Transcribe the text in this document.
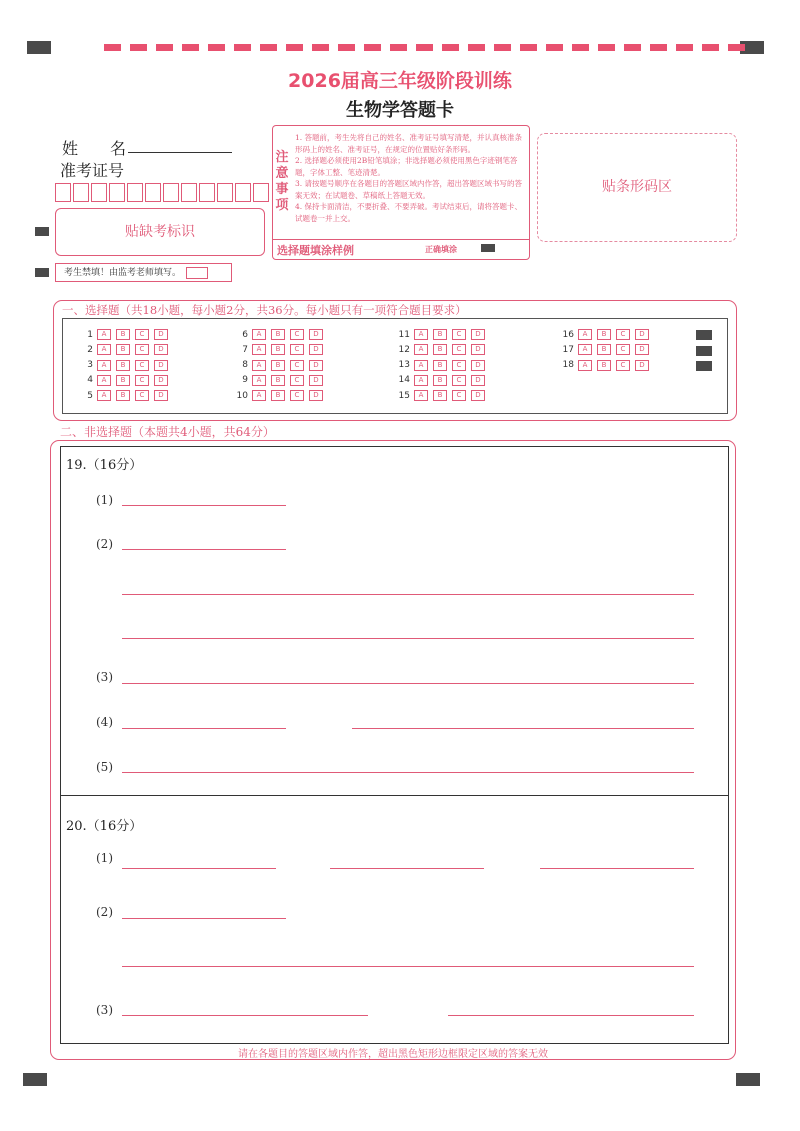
2026届高三年级阶段训练
生物学答题卡
姓　　名
准考证号
贴缺考标识
考生禁填！由监考老师填写。
注意事项
1. 答题前，考生先将自己的姓名、准考证号填写清楚，并认真核准条形码上的姓名、准考证号，在规定的位置贴好条形码。
2. 选择题必须使用2B铅笔填涂；非选择题必须使用黑色字迹钢笔答题，字体工整、笔迹清楚。
3. 请按题号顺序在各题目的答题区域内作答，超出答题区域书写的答案无效；在试题卷、草稿纸上答题无效。
4. 保持卡面清洁，不要折叠、不要弄破。考试结束后，请将答题卡、试题卷一并上交。
选择题填涂样例	正确填涂
贴条形码区
一、选择题（共18小题，每小题2分，共36分。每小题只有一项符合题目要求）
1	A	B	C	D
2	A	B	C	D
3	A	B	C	D
4	A	B	C	D
5	A	B	C	D
6	A	B	C	D
7	A	B	C	D
8	A	B	C	D
9	A	B	C	D
10	A	B	C	D
11	A	B	C	D
12	A	B	C	D
13	A	B	C	D
14	A	B	C	D
15	A	B	C	D
16	A	B	C	D
17	A	B	C	D
18	A	B	C	D
二、非选择题（本题共4小题，共64分）
19.（16分）
(1)
(2)
(3)
(4)
(5)
20.（16分）
(1)
(2)
(3)
请在各题目的答题区域内作答，超出黑色矩形边框限定区域的答案无效
